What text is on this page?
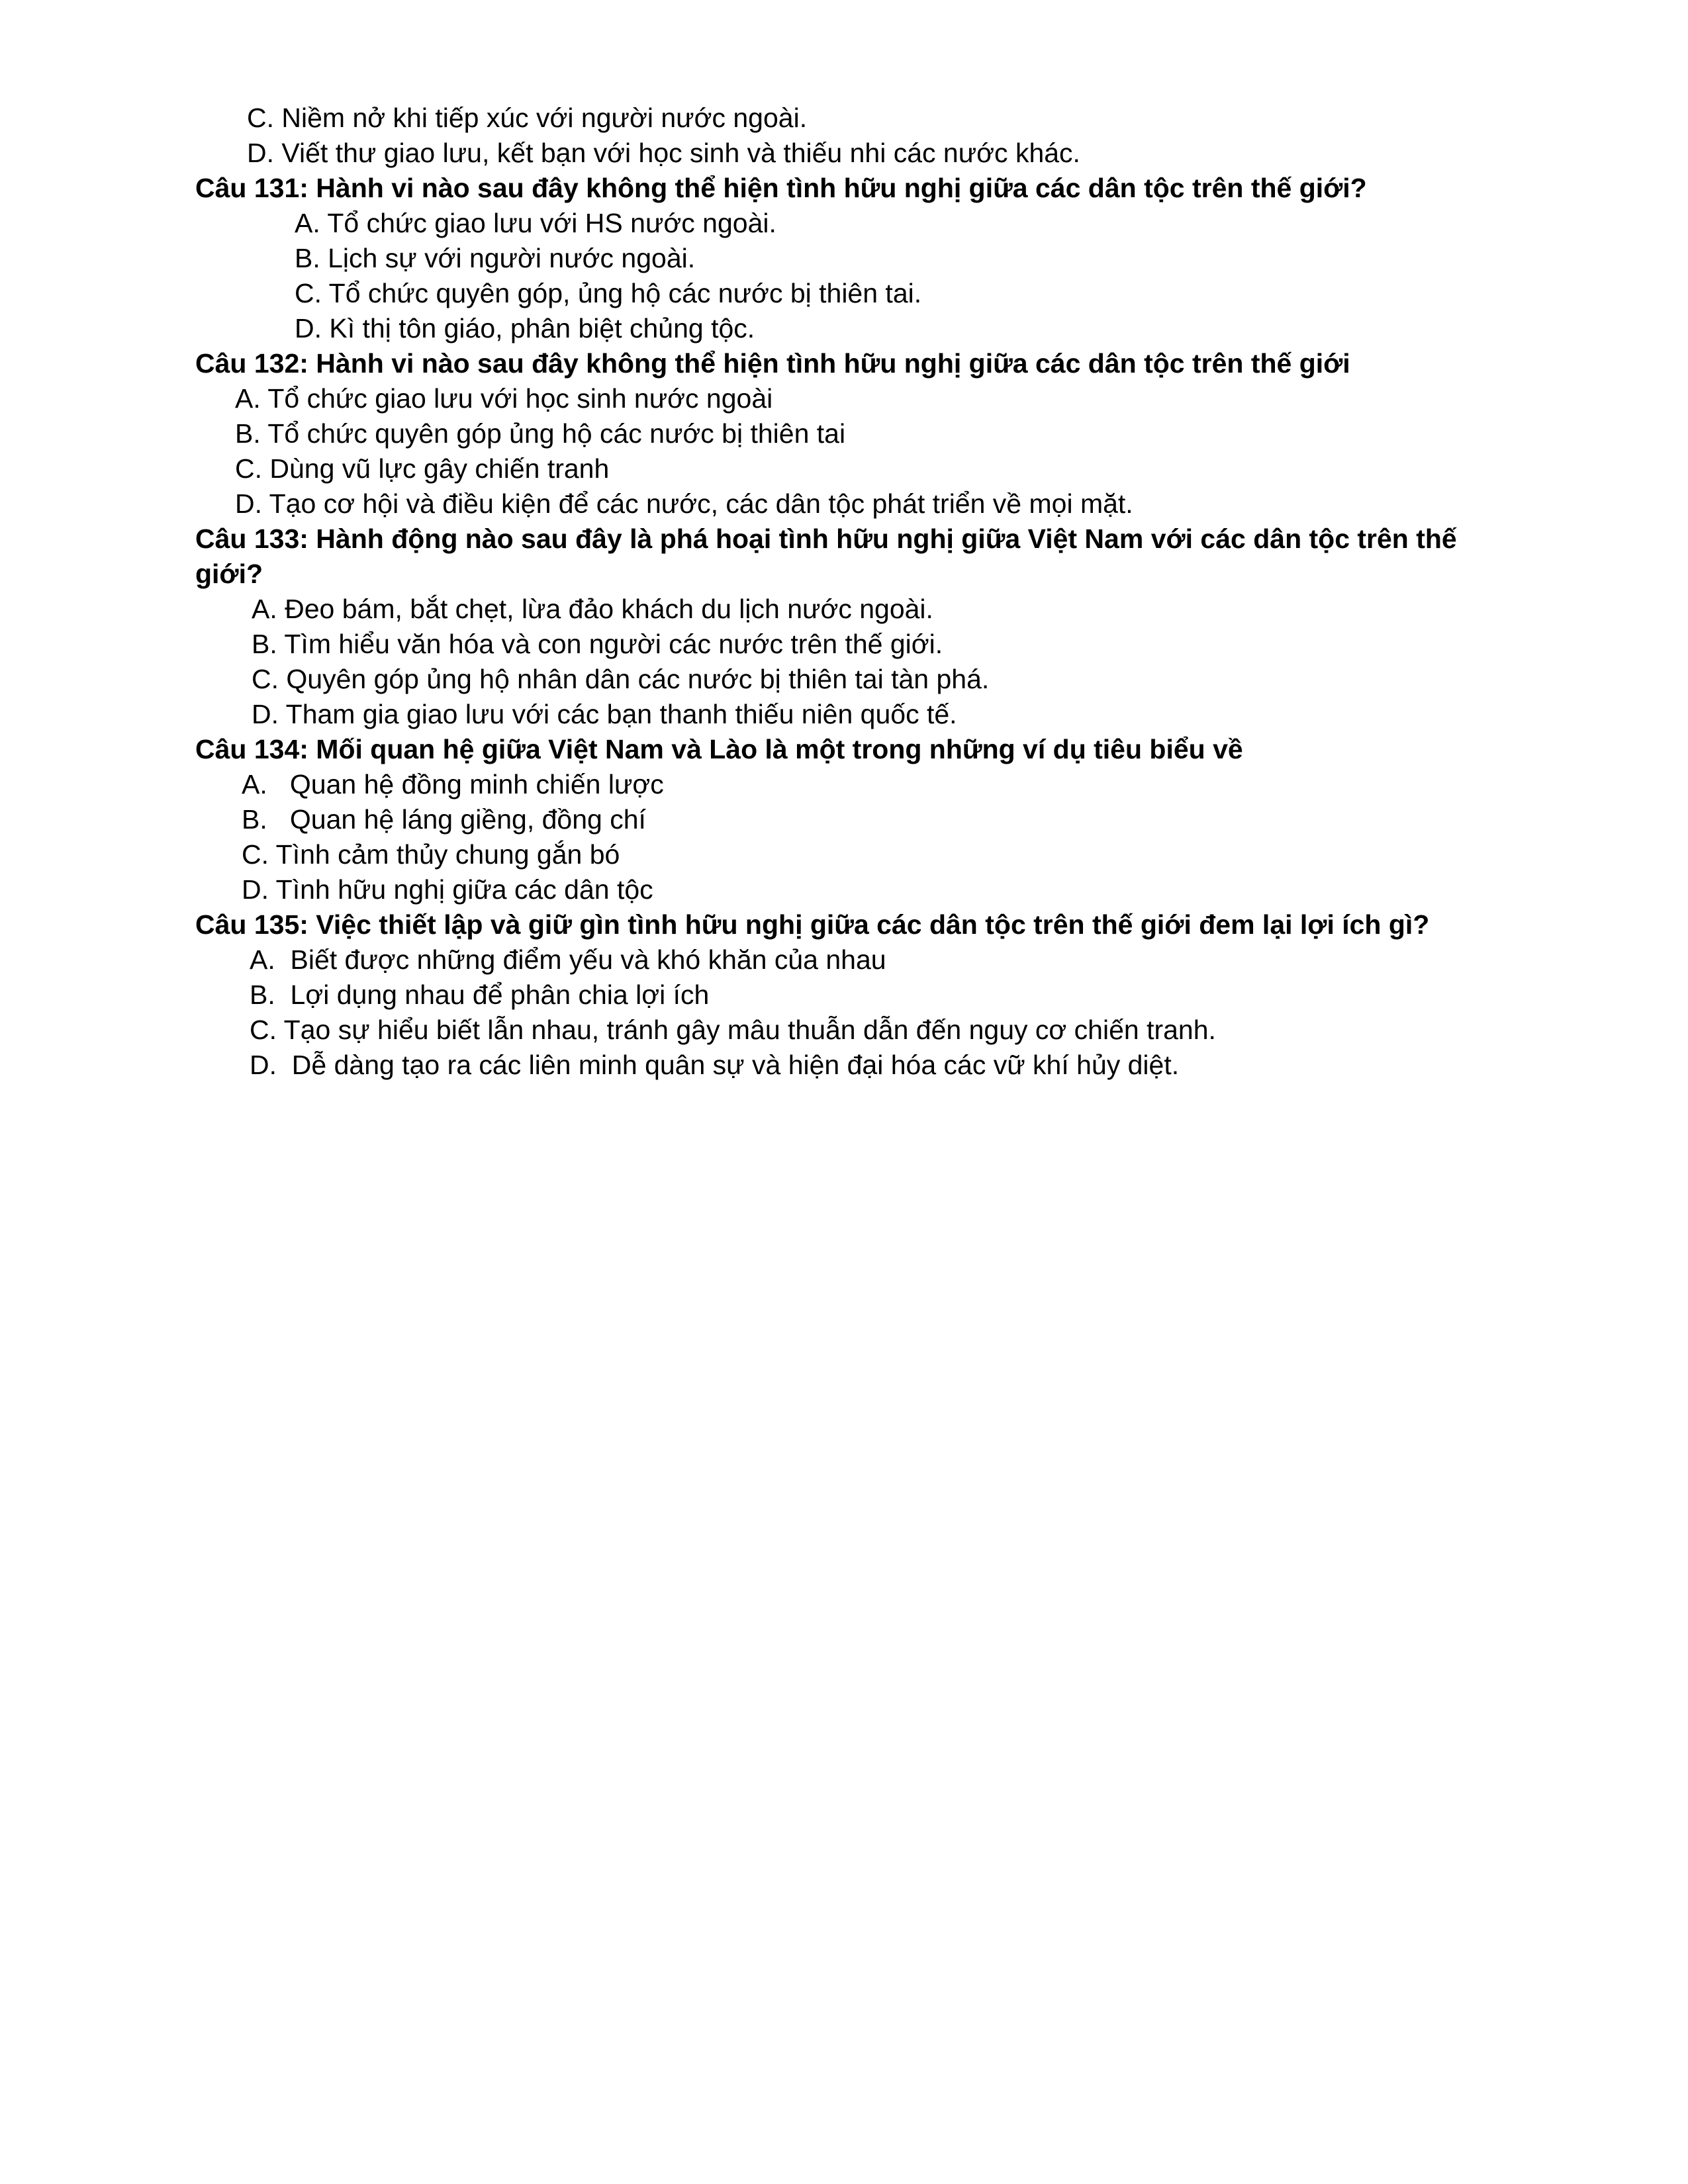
C. Niềm nở khi tiếp xúc với người nước ngoài.
D. Viết thư giao lưu, kết bạn với học sinh và thiếu nhi các nước khác.
Câu 131: Hành vi nào sau đây không thể hiện tình hữu nghị giữa các dân tộc trên thế giới?
A. Tổ chức giao lưu với HS nước ngoài.
B. Lịch sự với người nước ngoài.
C. Tổ chức quyên góp, ủng hộ các nước bị thiên tai.
D. Kì thị tôn giáo, phân biệt chủng tộc.
Câu 132: Hành vi nào sau đây không thể hiện tình hữu nghị giữa các dân tộc trên thế giới
A. Tổ chức giao lưu với học sinh nước ngoài
B. Tổ chức quyên góp ủng hộ các nước bị thiên tai
C. Dùng vũ lực gây chiến tranh
D. Tạo cơ hội và điều kiện để các nước, các dân tộc phát triển về mọi mặt.
Câu 133: Hành động nào sau đây là phá hoại tình hữu nghị giữa Việt Nam với các dân tộc trên thế giới?
A. Đeo bám, bắt chẹt, lừa đảo khách du lịch nước ngoài.
B. Tìm hiểu văn hóa và con người các nước trên thế giới.
C. Quyên góp ủng hộ nhân dân các nước bị thiên tai tàn phá.
D. Tham gia giao lưu với các bạn thanh thiếu niên quốc tế.
Câu 134: Mối quan hệ giữa Việt Nam và Lào là một trong những ví dụ tiêu biểu về
A.   Quan hệ đồng minh chiến lược
B.   Quan hệ láng giềng, đồng chí
C. Tình cảm thủy chung gắn bó
D. Tình hữu nghị giữa các dân tộc
Câu 135: Việc thiết lập và giữ gìn tình hữu nghị giữa các dân tộc trên thế giới đem lại lợi ích gì?
A.  Biết được những điểm yếu và khó khăn của nhau
B.  Lợi dụng nhau để phân chia lợi ích
C. Tạo sự hiểu biết lẫn nhau, tránh gây mâu thuẫn dẫn đến nguy cơ chiến tranh.
D.  Dễ dàng tạo ra các liên minh quân sự và hiện đại hóa các vữ khí hủy diệt.
